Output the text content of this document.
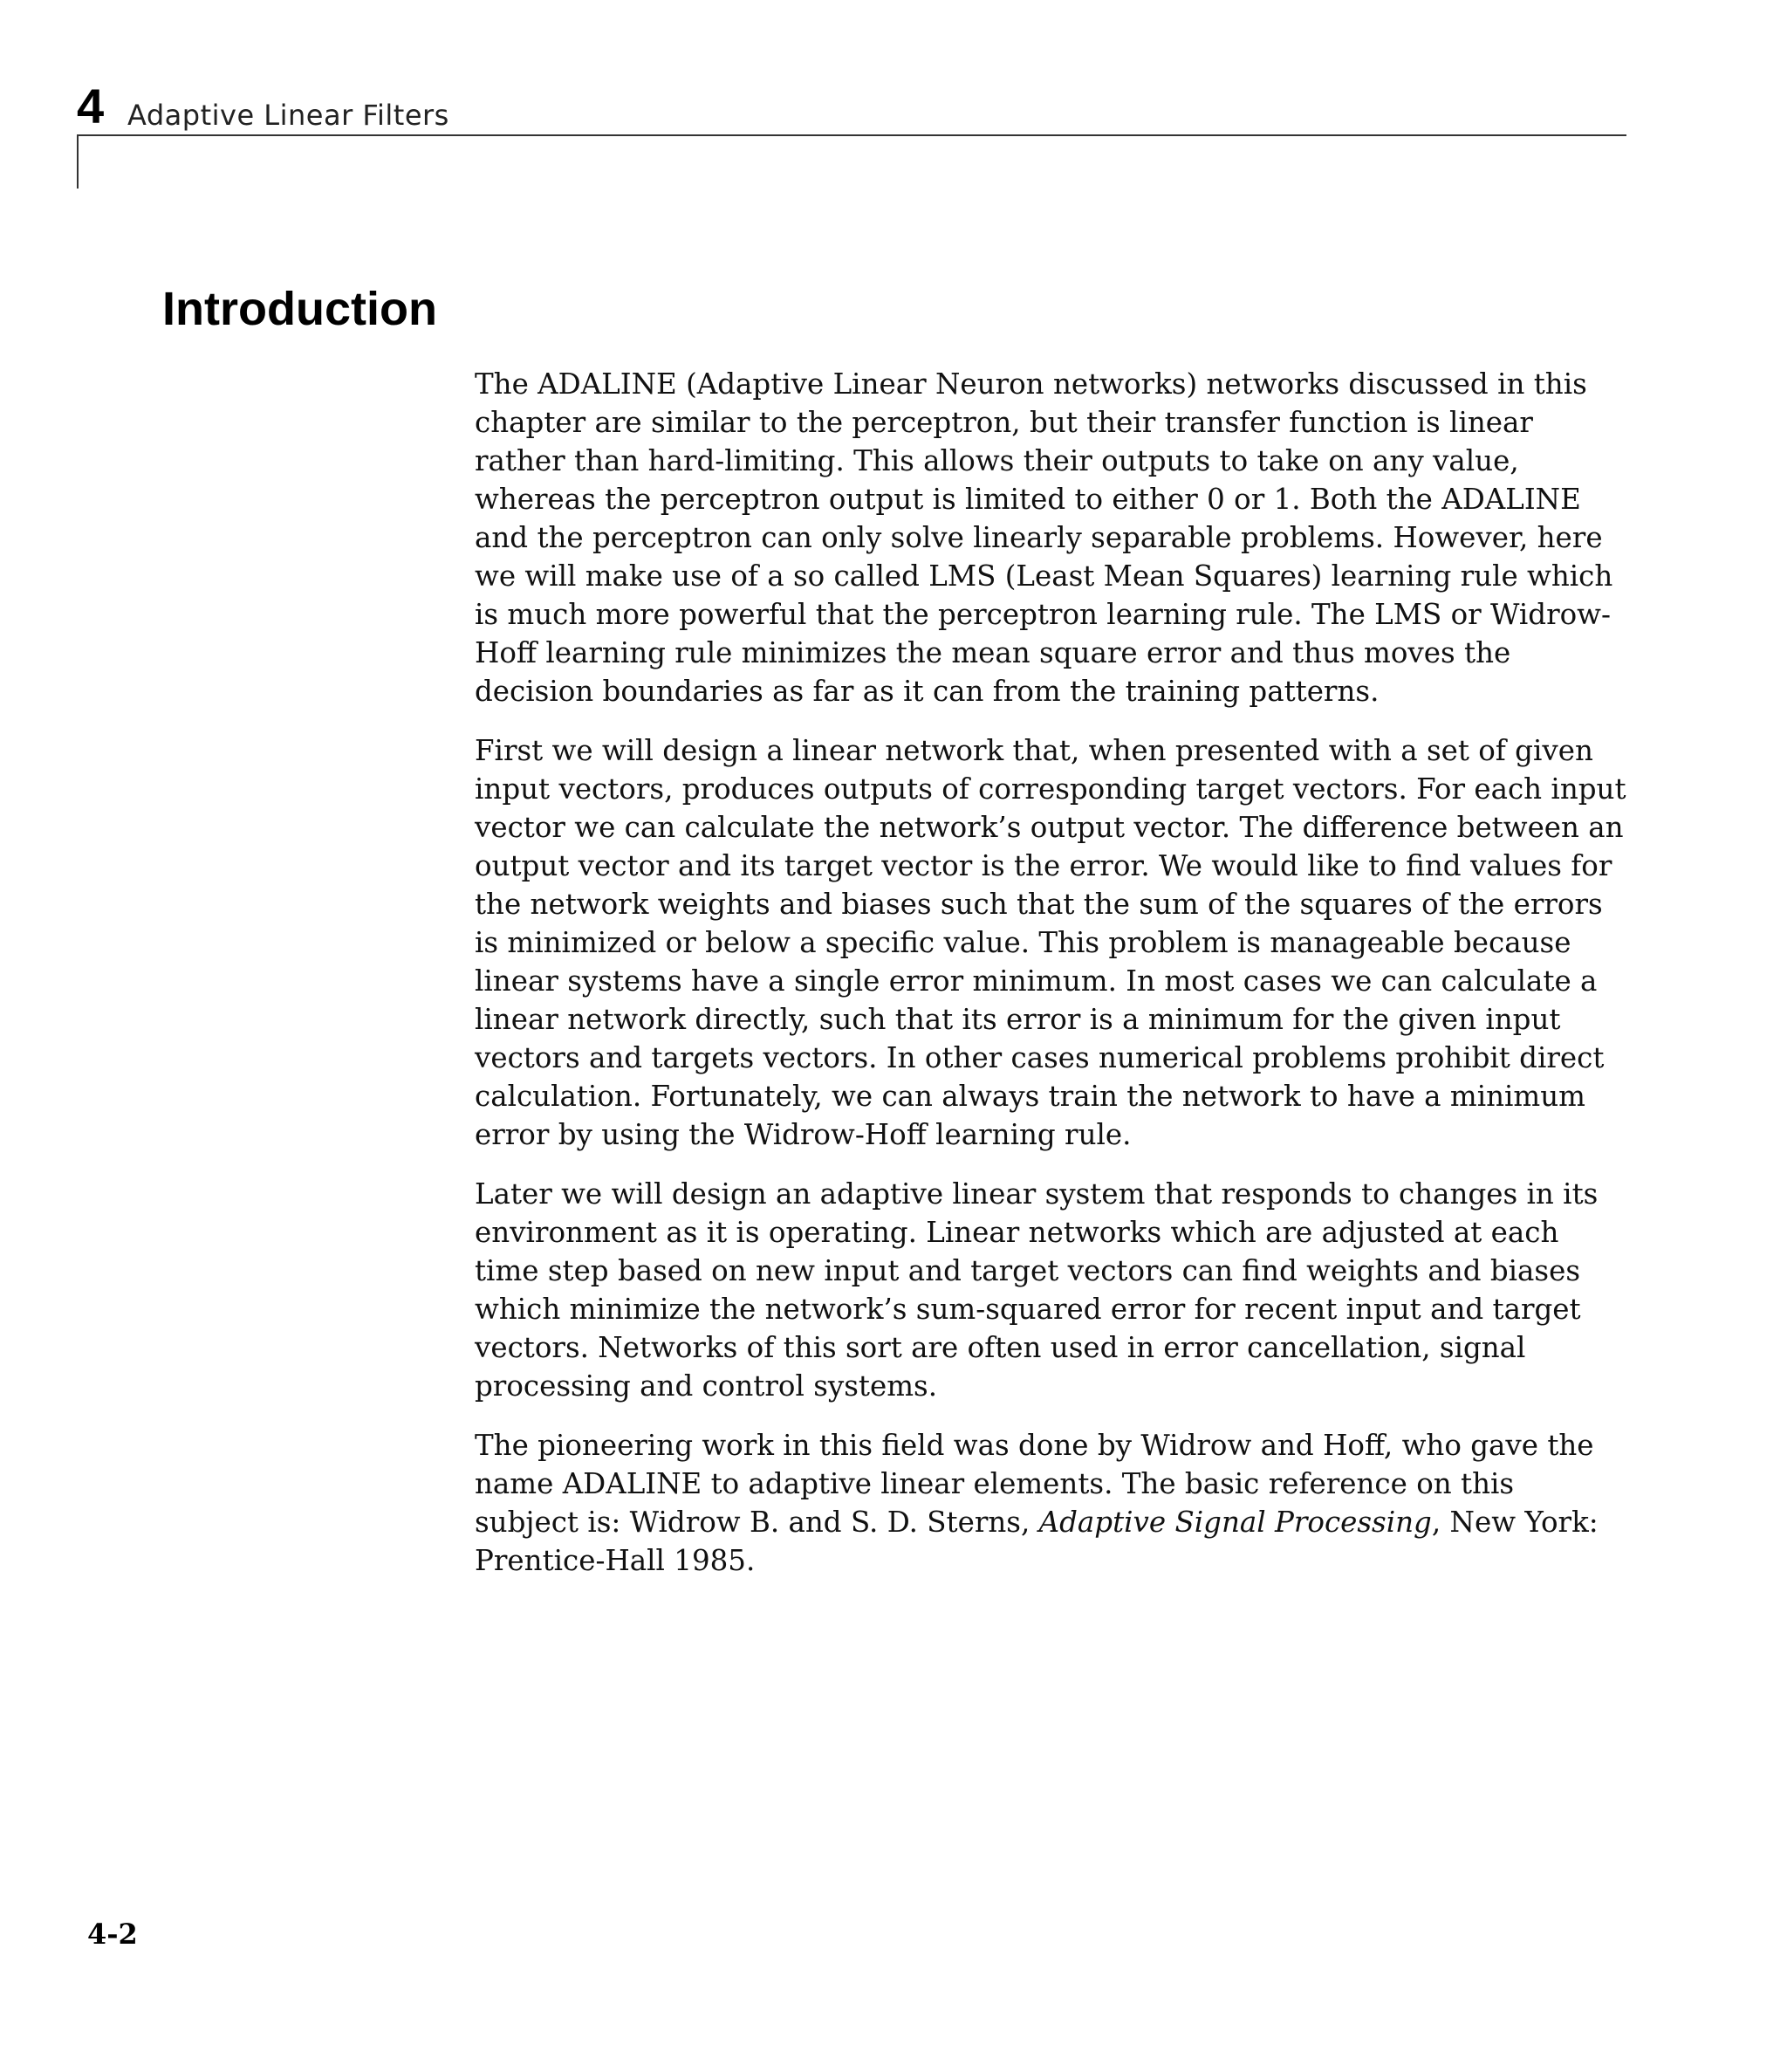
4 Adaptive Linear Filters
Introduction

The ADALINE (Adaptive Linear Neuron networks) networks discussed in this chapter are similar to the perceptron, but their transfer function is linear rather than hard-limiting. This allows their outputs to take on any value, whereas the perceptron output is limited to either 0 or 1. Both the ADALINE and the perceptron can only solve linearly separable problems. However, here we will make use of a so called LMS (Least Mean Squares) learning rule which is much more powerful that the perceptron learning rule. The LMS or Widrow-Hoff learning rule minimizes the mean square error and thus moves the decision boundaries as far as it can from the training patterns.

First we will design a linear network that, when presented with a set of given input vectors, produces outputs of corresponding target vectors. For each input vector we can calculate the network’s output vector. The difference between an output vector and its target vector is the error. We would like to find values for the network weights and biases such that the sum of the squares of the errors is minimized or below a specific value. This problem is manageable because linear systems have a single error minimum. In most cases we can calculate a linear network directly, such that its error is a minimum for the given input vectors and targets vectors. In other cases numerical problems prohibit direct calculation. Fortunately, we can always train the network to have a minimum error by using the Widrow-Hoff learning rule.

Later we will design an adaptive linear system that responds to changes in its environment as it is operating. Linear networks which are adjusted at each time step based on new input and target vectors can find weights and biases which minimize the network’s sum-squared error for recent input and target vectors. Networks of this sort are often used in error cancellation, signal processing and control systems.

The pioneering work in this field was done by Widrow and Hoff, who gave the name ADALINE to adaptive linear elements. The basic reference on this subject is: Widrow B. and S. D. Sterns, Adaptive Signal Processing, New York: Prentice-Hall 1985.

4-2
